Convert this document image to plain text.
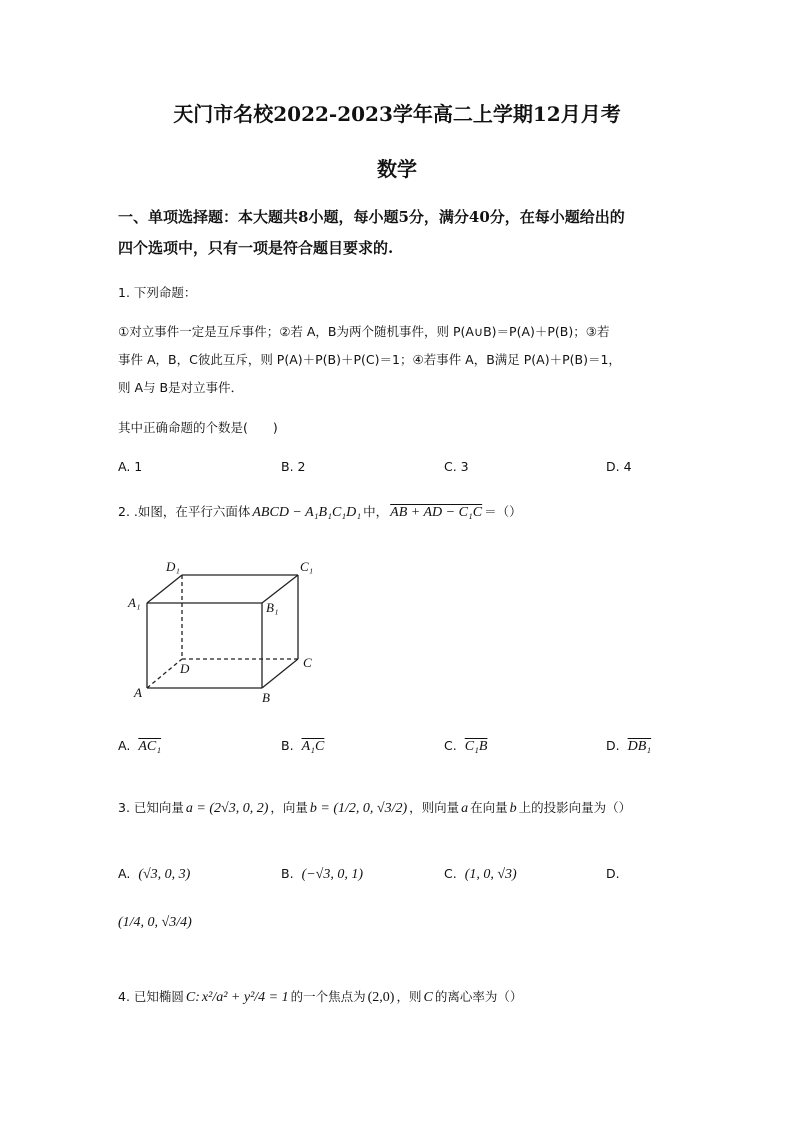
天门市名校2022-2023学年高二上学期12月月考
数学
一、单项选择题：本大题共8小题，每小题5分，满分40分，在每小题给出的
四个选项中，只有一项是符合题目要求的.
1. 下列命题：
①对立事件一定是互斥事件；②若 A，B为两个随机事件，则 P(A∪B)＝P(A)＋P(B)；③若
事件 A，B，C彼此互斥，则 P(A)＋P(B)＋P(C)＝1；④若事件 A，B满足 P(A)＋P(B)＝1，
则 A与 B是对立事件．
其中正确命题的个数是(　　)
A. 1	B. 2	C. 3	D. 4
2. .如图，在平行六面体 ABCD − A₁B₁C₁D₁ 中， AB + AD − C₁C ＝（）
D₁	C₁
A₁	B₁
D	C
A	B
A. AC₁	B. A₁C	C. C₁B	D. DB₁
3. 已知向量 a = (2√3, 0, 2) ，向量 b = (1/2, 0, √3/2) ，则向量 a 在向量 b 上的投影向量为（）
A. (√3, 0, 3)	B. (−√3, 0, 1)	C. (1, 0, √3)	D.
(1/4, 0, √3/4)
4. 已知椭圆 C: x²/a² + y²/4 = 1 的一个焦点为 (2,0) ，则 C 的离心率为（）
